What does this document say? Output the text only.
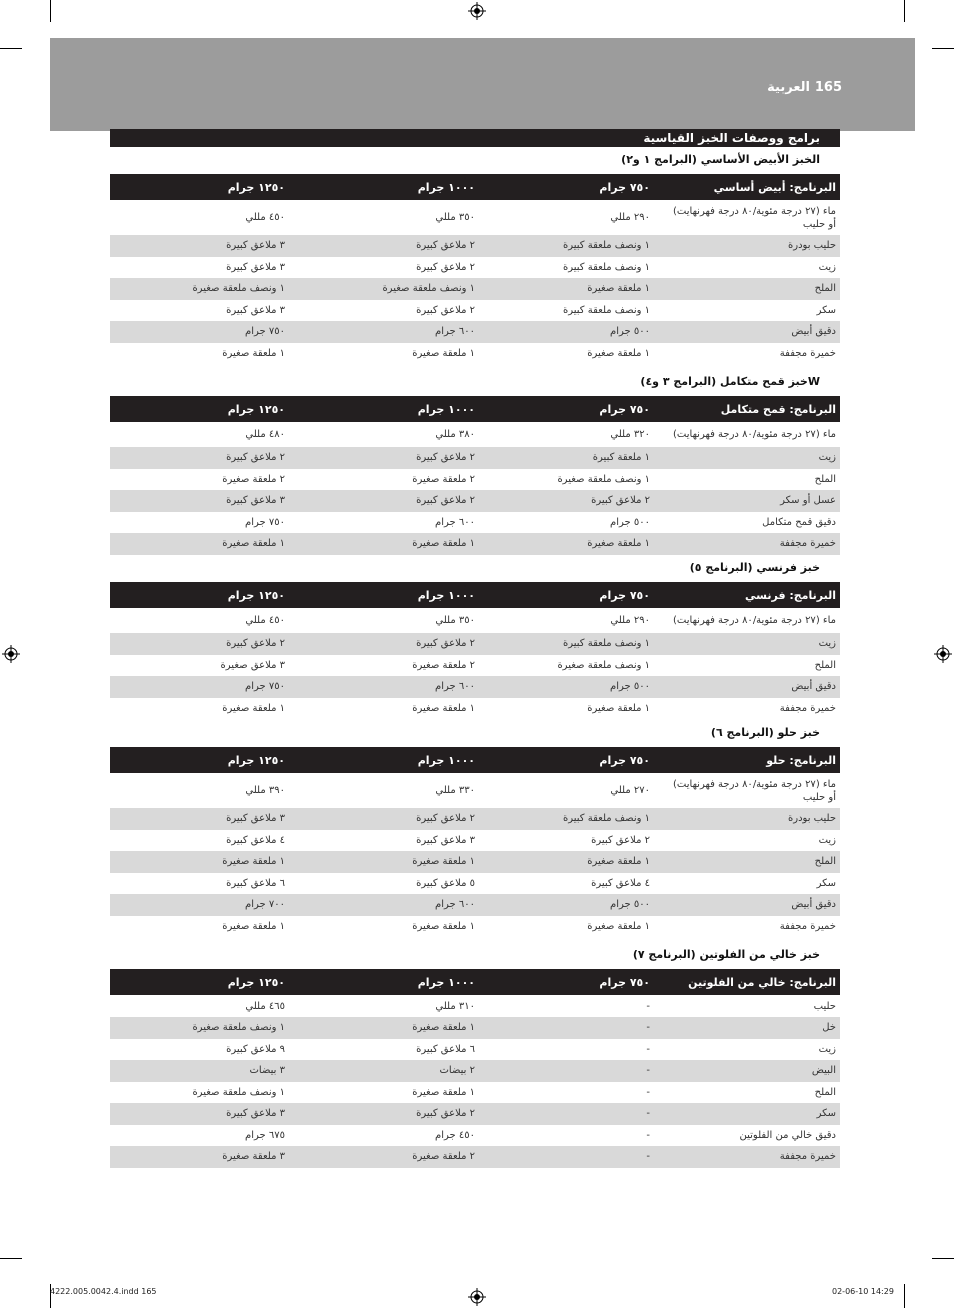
العربية 165
برامج ووصفات الخبز القياسية
الخبز الأبيض الأساسي (البرامج ١ و٢)
البرنامج: أبيض أساسي
٧٥٠ جرام
١٠٠٠ جرام
١٢٥٠ جرام
ماء (٢٧ درجة مئوية/٨٠ درجة فهرنهايت) أو حليب
٢٩٠ مللي
٣٥٠ مللي
٤٥٠ مللي
حليب بودرة
١ ونصف ملعقة كبيرة
٢ ملاعق كبيرة
٣ ملاعق كبيرة
زيت
١ ونصف ملعقة كبيرة
٢ ملاعق كبيرة
٣ ملاعق كبيرة
الملح
١ ملعقة صغيرة
١ ونصف ملعقة صغيرة
١ ونصف ملعقة صغيرة
سكر
١ ونصف ملعقة كبيرة
٢ ملاعق كبيرة
٣ ملاعق كبيرة
دقيق أبيض
٥٠٠ جرام
٦٠٠ جرام
٧٥٠ جرام
خميرة مجففة
١ ملعقة صغيرة
١ ملعقة صغيرة
١ ملعقة صغيرة
Wخبز قمح متكامل (البرامج ٣ و٤)
البرنامج: قمح متكامل
٧٥٠ جرام
١٠٠٠ جرام
١٢٥٠ جرام
ماء (٢٧ درجة مئوية/٨٠ درجة فهرنهايت)
٣٢٠ مللي
٣٨٠ مللي
٤٨٠ مللي
زيت
١ ملعقة كبيرة
٢ ملاعق كبيرة
٢ ملاعق كبيرة
الملح
١ ونصف ملعقة صغيرة
٢ ملعقة صغيرة
٢ ملعقة صغيرة
عسل أو سكر
٢ ملاعق كبيرة
٢ ملاعق كبيرة
٣ ملاعق كبيرة
دقيق قمح متكامل
٥٠٠ جرام
٦٠٠ جرام
٧٥٠ جرام
خميرة مجففة
١ ملعقة صغيرة
١ ملعقة صغيرة
١ ملعقة صغيرة
خبز فرنسي (البرنامج ٥)
البرنامج: فرنسي
٧٥٠ جرام
١٠٠٠ جرام
١٢٥٠ جرام
ماء (٢٧ درجة مئوية/٨٠ درجة فهرنهايت)
٢٩٠ مللي
٣٥٠ مللي
٤٥٠ مللي
زيت
١ ونصف ملعقة كبيرة
٢ ملاعق كبيرة
٢ ملاعق كبيرة
الملح
١ ونصف ملعقة صغيرة
٢ ملعقة صغيرة
٣ ملاعق صغيرة
دقيق أبيض
٥٠٠ جرام
٦٠٠ جرام
٧٥٠ جرام
خميرة مجففة
١ ملعقة صغيرة
١ ملعقة صغيرة
١ ملعقة صغيرة
خبز حلو (البرنامج ٦)
البرنامج: حلو
٧٥٠ جرام
١٠٠٠ جرام
١٢٥٠ جرام
ماء (٢٧ درجة مئوية/٨٠ درجة فهرنهايت) أو حليب
٢٧٠ مللي
٣٣٠ مللي
٣٩٠ مللي
حليب بودرة
١ ونصف ملعقة كبيرة
٢ ملاعق كبيرة
٣ ملاعق كبيرة
زيت
٢ ملاعق كبيرة
٣ ملاعق كبيرة
٤ ملاعق كبيرة
الملح
١ ملعقة صغيرة
١ ملعقة صغيرة
١ ملعقة صغيرة
سكر
٤ ملاعق كبيرة
٥ ملاعق كبيرة
٦ ملاعق كبيرة
دقيق أبيض
٥٠٠ جرام
٦٠٠ جرام
٧٠٠ جرام
خميرة مجففة
١ ملعقة صغيرة
١ ملعقة صغيرة
١ ملعقة صغيرة
خبز خالي من الفلوتين (البرنامج ٧)
البرنامج: خالي من الفلوتين
٧٥٠ جرام
١٠٠٠ جرام
١٢٥٠ جرام
حليب
-
٣١٠ مللي
٤٦٥ مللي
خل
-
١ ملعقة صغيرة
١ ونصف ملعقة صغيرة
زيت
-
٦ ملاعق كبيرة
٩ ملاعق كبيرة
البيض
-
٢ بيضات
٣ بيضات
الملح
-
١ ملعقة صغيرة
١ ونصف ملعقة صغيرة
سكر
-
٢ ملاعق كبيرة
٣ ملاعق كبيرة
دقيق خالي من الفلوتين
-
٤٥٠ جرام
٦٧٥ جرام
خميرة مجففة
-
٢ ملعقة صغيرة
٣ ملعقة صغيرة
4222.005.0042.4.indd 165	02-06-10 14:29
